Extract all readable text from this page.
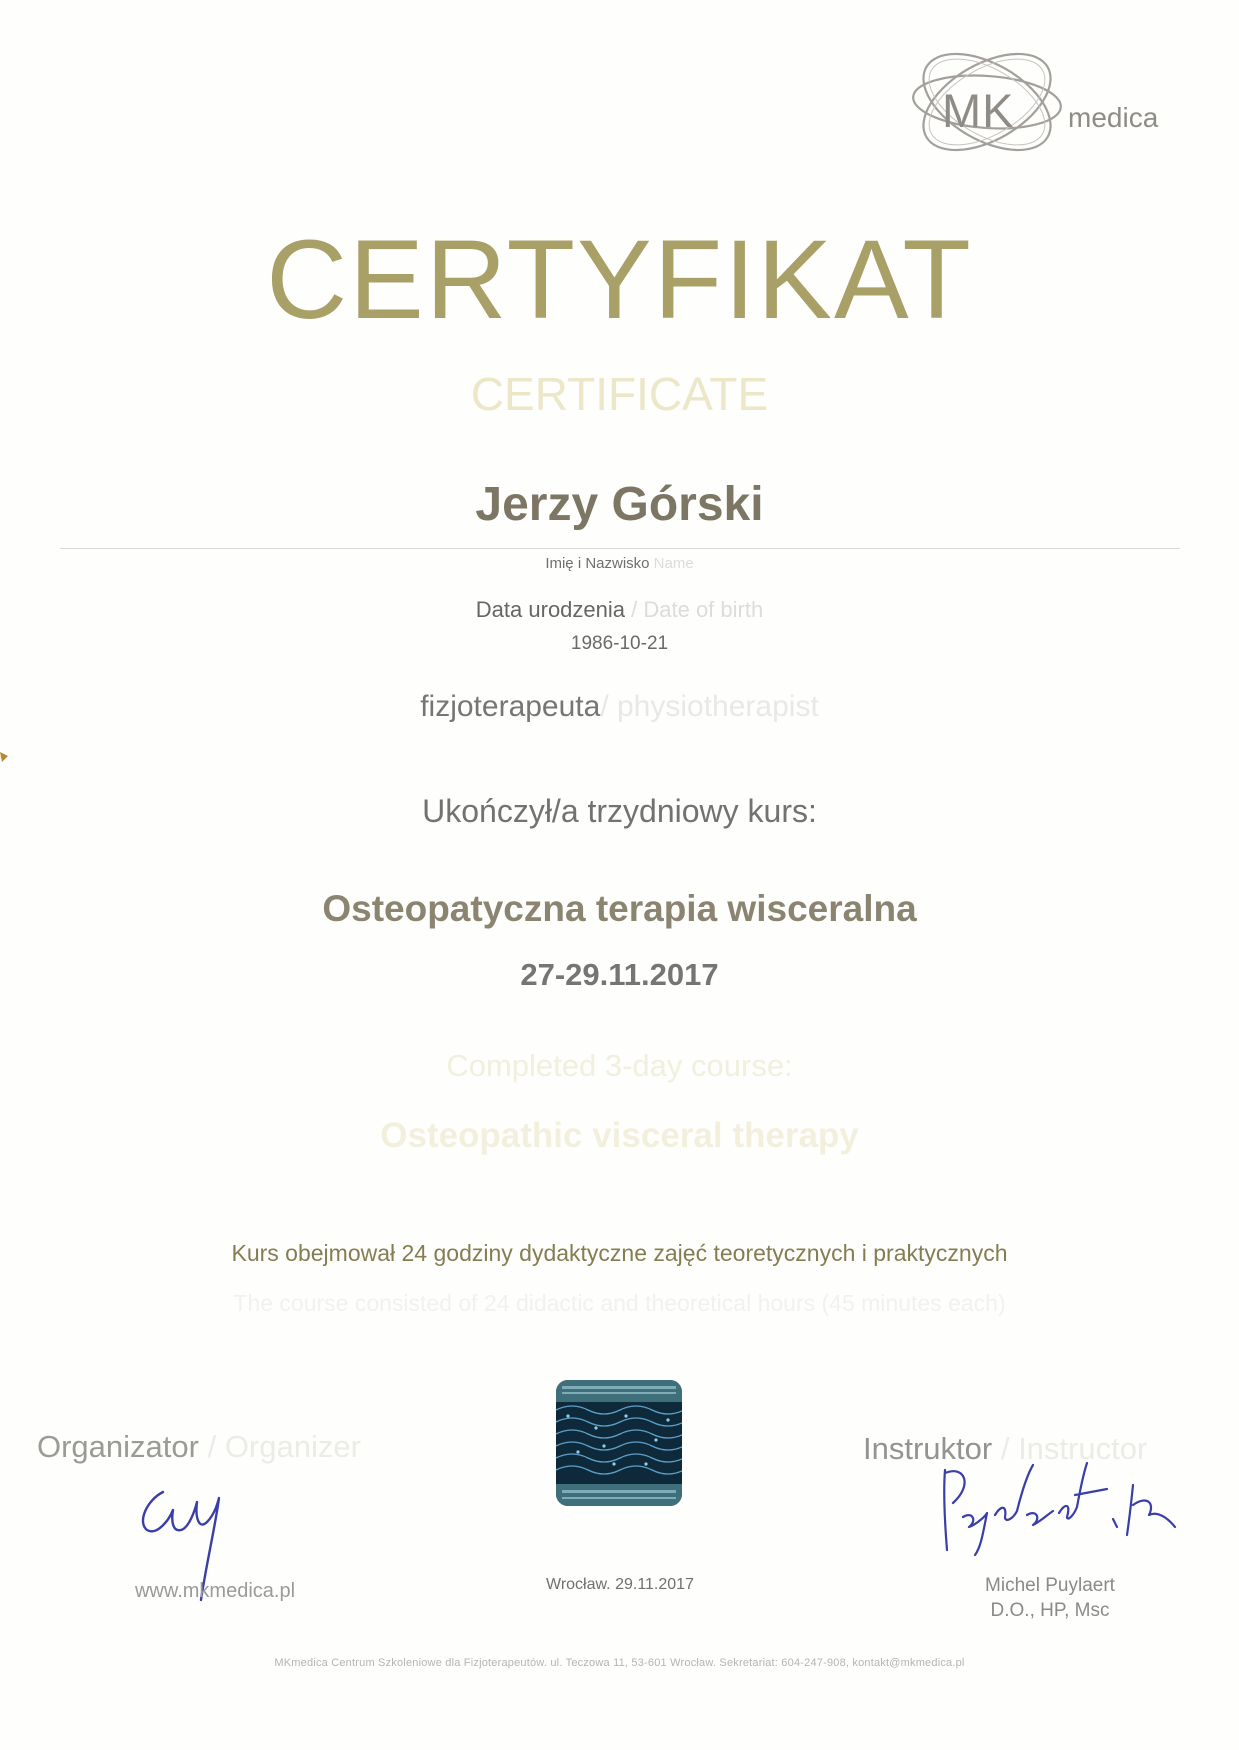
MK medica
CERTYFIKAT
CERTIFICATE
Jerzy Górski
Imię i Nazwisko Name
Data urodzenia / Date of birth
1986-10-21
fizjoterapeuta/ physiotherapist
Ukończył/a trzydniowy kurs:
Osteopatyczna terapia wisceralna
27-29.11.2017
Completed 3-day course:
Osteopathic visceral therapy
Kurs obejmował 24 godziny dydaktyczne zajęć teoretycznych i praktycznych
The course consisted of 24 didactic and theoretical hours (45 minutes each)
Organizator / Organizer	Instruktor / Instructor
www.mkmedica.pl	Wrocław. 29.11.2017	Michel Puylaert
D.O., HP, Msc
MKmedica Centrum Szkoleniowe dla Fizjoterapeutów. ul. Teczowa 11, 53-601 Wrocław. Sekretariat: 604-247-908, kontakt@mkmedica.pl
